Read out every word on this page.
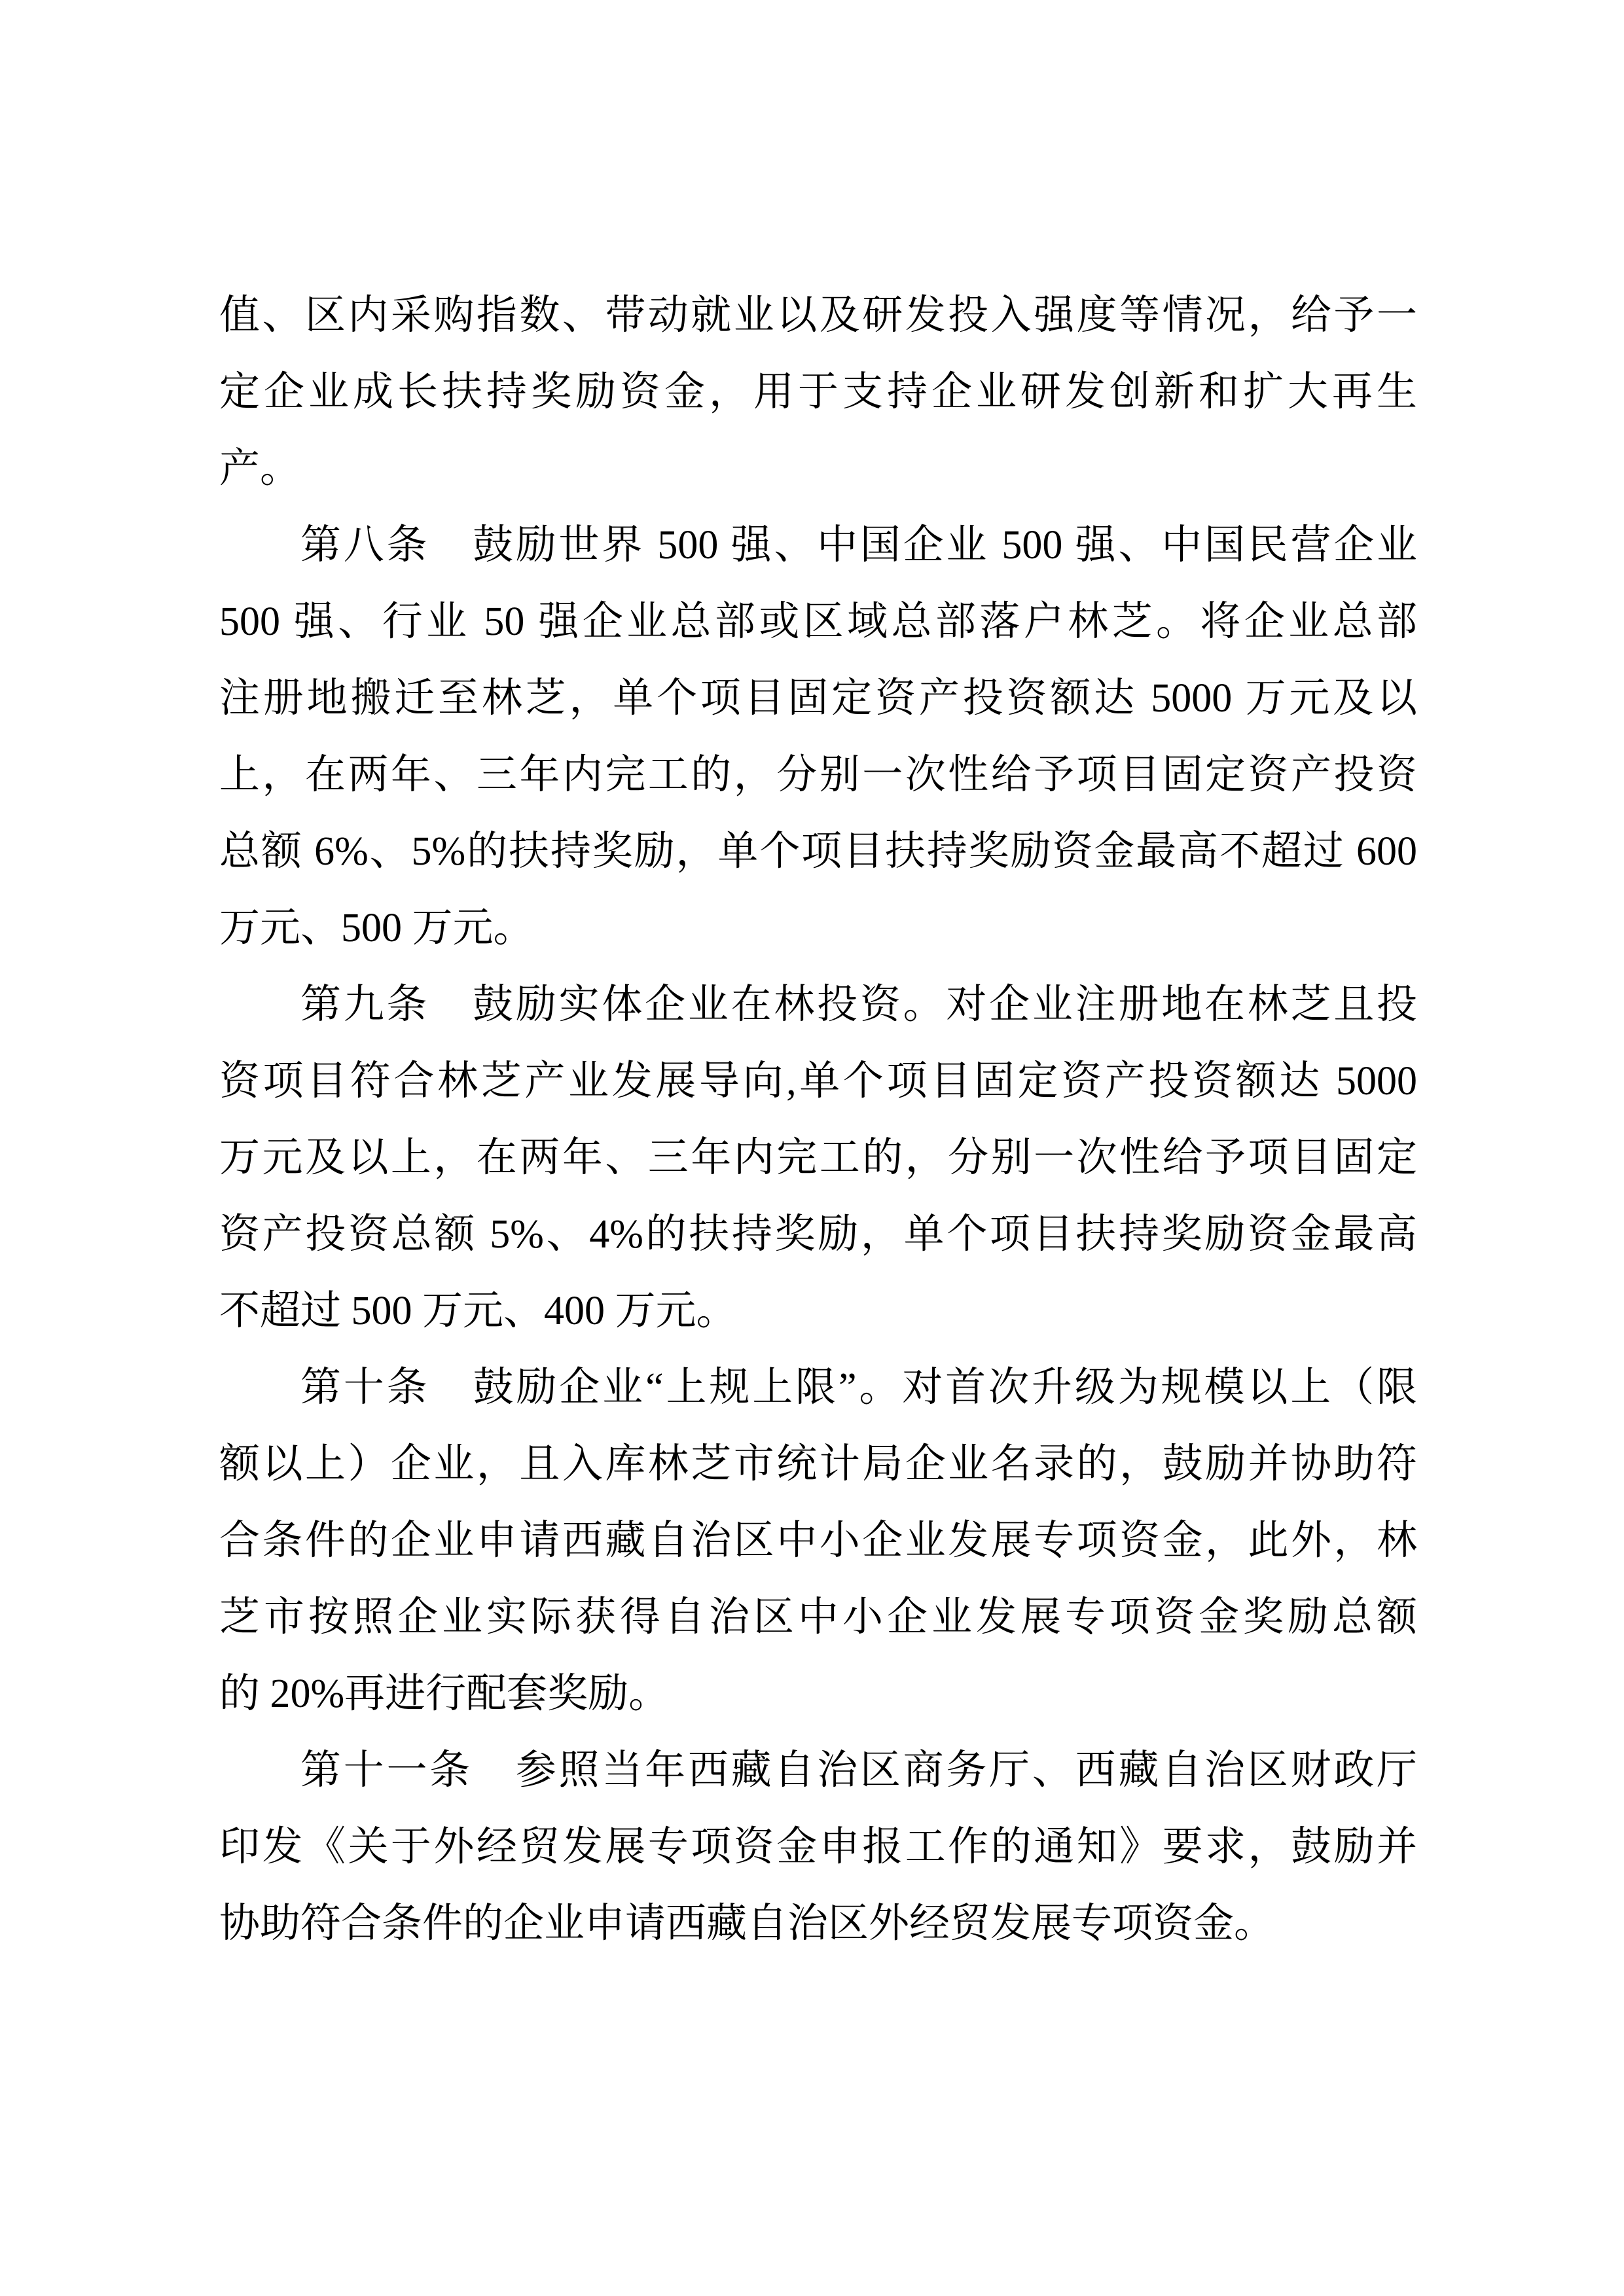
值、区内采购指数、带动就业以及研发投入强度等情况，给予一
定企业成长扶持奖励资金，用于支持企业研发创新和扩大再生
产。
第八条　鼓励世界 500 强、中国企业 500 强、中国民营企业
500 强、行业 50 强企业总部或区域总部落户林芝。将企业总部
注册地搬迁至林芝，单个项目固定资产投资额达 5000 万元及以
上，在两年、三年内完工的，分别一次性给予项目固定资产投资
总额 6%、5%的扶持奖励，单个项目扶持奖励资金最高不超过 600
万元、500 万元。
第九条　鼓励实体企业在林投资。对企业注册地在林芝且投
资项目符合林芝产业发展导向,单个项目固定资产投资额达 5000
万元及以上，在两年、三年内完工的，分别一次性给予项目固定
资产投资总额 5%、4%的扶持奖励，单个项目扶持奖励资金最高
不超过 500 万元、400 万元。
第十条　鼓励企业“上规上限”。对首次升级为规模以上（限
额以上）企业，且入库林芝市统计局企业名录的，鼓励并协助符
合条件的企业申请西藏自治区中小企业发展专项资金，此外，林
芝市按照企业实际获得自治区中小企业发展专项资金奖励总额
的 20%再进行配套奖励。
第十一条　参照当年西藏自治区商务厅、西藏自治区财政厅
印发《关于外经贸发展专项资金申报工作的通知》要求，鼓励并
协助符合条件的企业申请西藏自治区外经贸发展专项资金。
